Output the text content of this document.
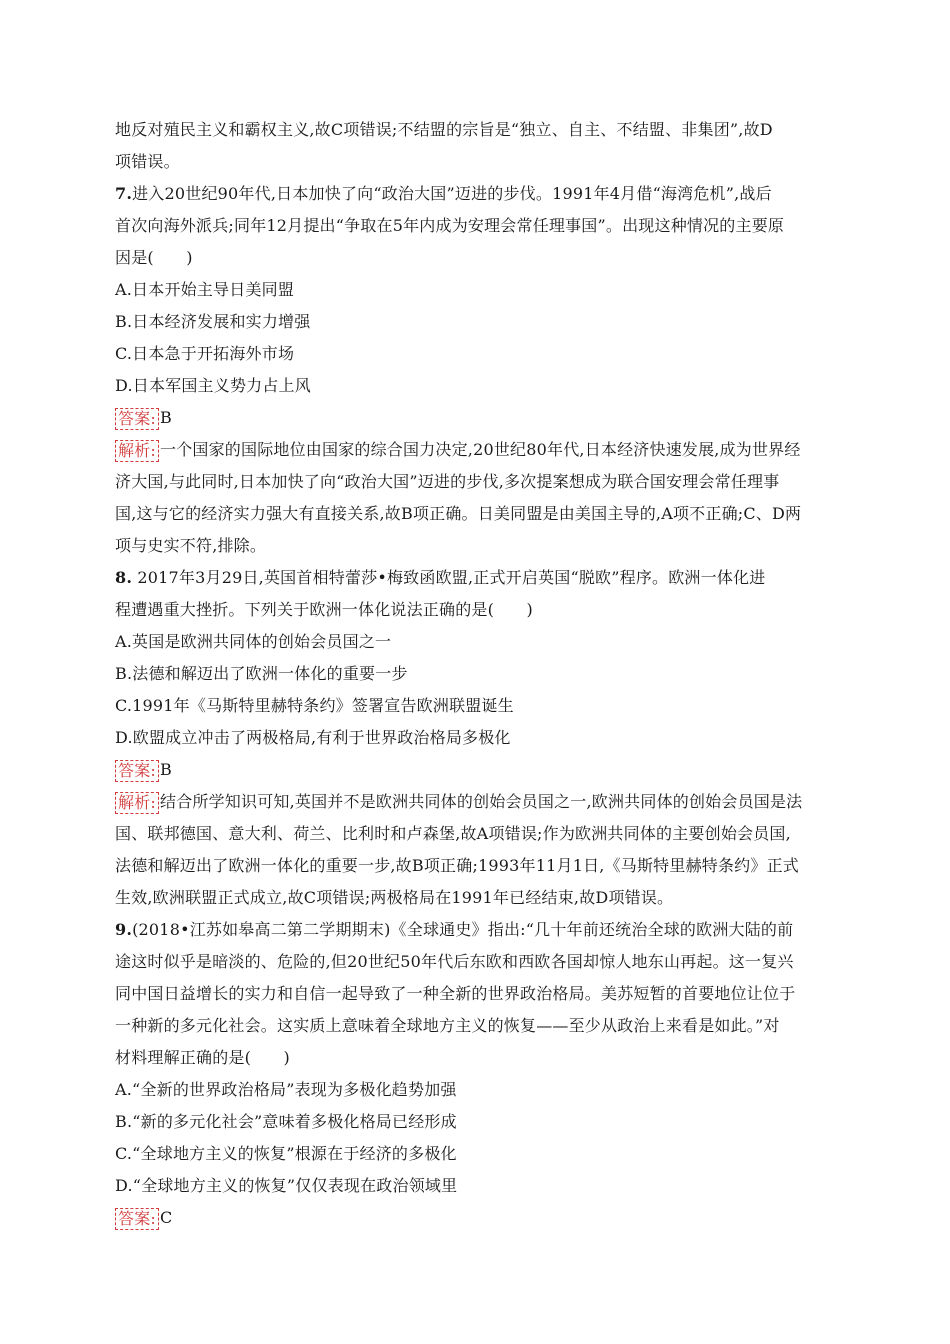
地反对殖民主义和霸权主义,故C项错误;不结盟的宗旨是“独立、自主、不结盟、非集团”,故D
项错误。
7.进入20世纪90年代,日本加快了向“政治大国”迈进的步伐。1991年4月借“海湾危机”,战后
首次向海外派兵;同年12月提出“争取在5年内成为安理会常任理事国”。出现这种情况的主要原
因是(　　)
A.日本开始主导日美同盟
B.日本经济发展和实力增强
C.日本急于开拓海外市场
D.日本军国主义势力占上风
答案: B
解析: 一个国家的国际地位由国家的综合国力决定,20世纪80年代,日本经济快速发展,成为世界经
济大国,与此同时,日本加快了向“政治大国”迈进的步伐,多次提案想成为联合国安理会常任理事
国,这与它的经济实力强大有直接关系,故B项正确。日美同盟是由美国主导的,A项不正确;C、D两
项与史实不符,排除。
8. 2017年3月29日,英国首相特蕾莎•梅致函欧盟,正式开启英国“脱欧”程序。欧洲一体化进
程遭遇重大挫折。下列关于欧洲一体化说法正确的是(　　)
A.英国是欧洲共同体的创始会员国之一
B.法德和解迈出了欧洲一体化的重要一步
C.1991年《马斯特里赫特条约》签署宣告欧洲联盟诞生
D.欧盟成立冲击了两极格局,有利于世界政治格局多极化
答案: B
解析: 结合所学知识可知,英国并不是欧洲共同体的创始会员国之一,欧洲共同体的创始会员国是法
国、联邦德国、意大利、荷兰、比利时和卢森堡,故A项错误;作为欧洲共同体的主要创始会员国,
法德和解迈出了欧洲一体化的重要一步,故B项正确;1993年11月1日,《马斯特里赫特条约》正式
生效,欧洲联盟正式成立,故C项错误;两极格局在1991年已经结束,故D项错误。
9.(2018•江苏如皋高二第二学期期末)《全球通史》指出:“几十年前还统治全球的欧洲大陆的前
途这时似乎是暗淡的、危险的,但20世纪50年代后东欧和西欧各国却惊人地东山再起。这一复兴
同中国日益增长的实力和自信一起导致了一种全新的世界政治格局。美苏短暂的首要地位让位于
一种新的多元化社会。这实质上意味着全球地方主义的恢复——至少从政治上来看是如此。”对
材料理解正确的是(　　)
A.“全新的世界政治格局”表现为多极化趋势加强
B.“新的多元化社会”意味着多极化格局已经形成
C.“全球地方主义的恢复”根源在于经济的多极化
D.“全球地方主义的恢复”仅仅表现在政治领域里
答案: C
